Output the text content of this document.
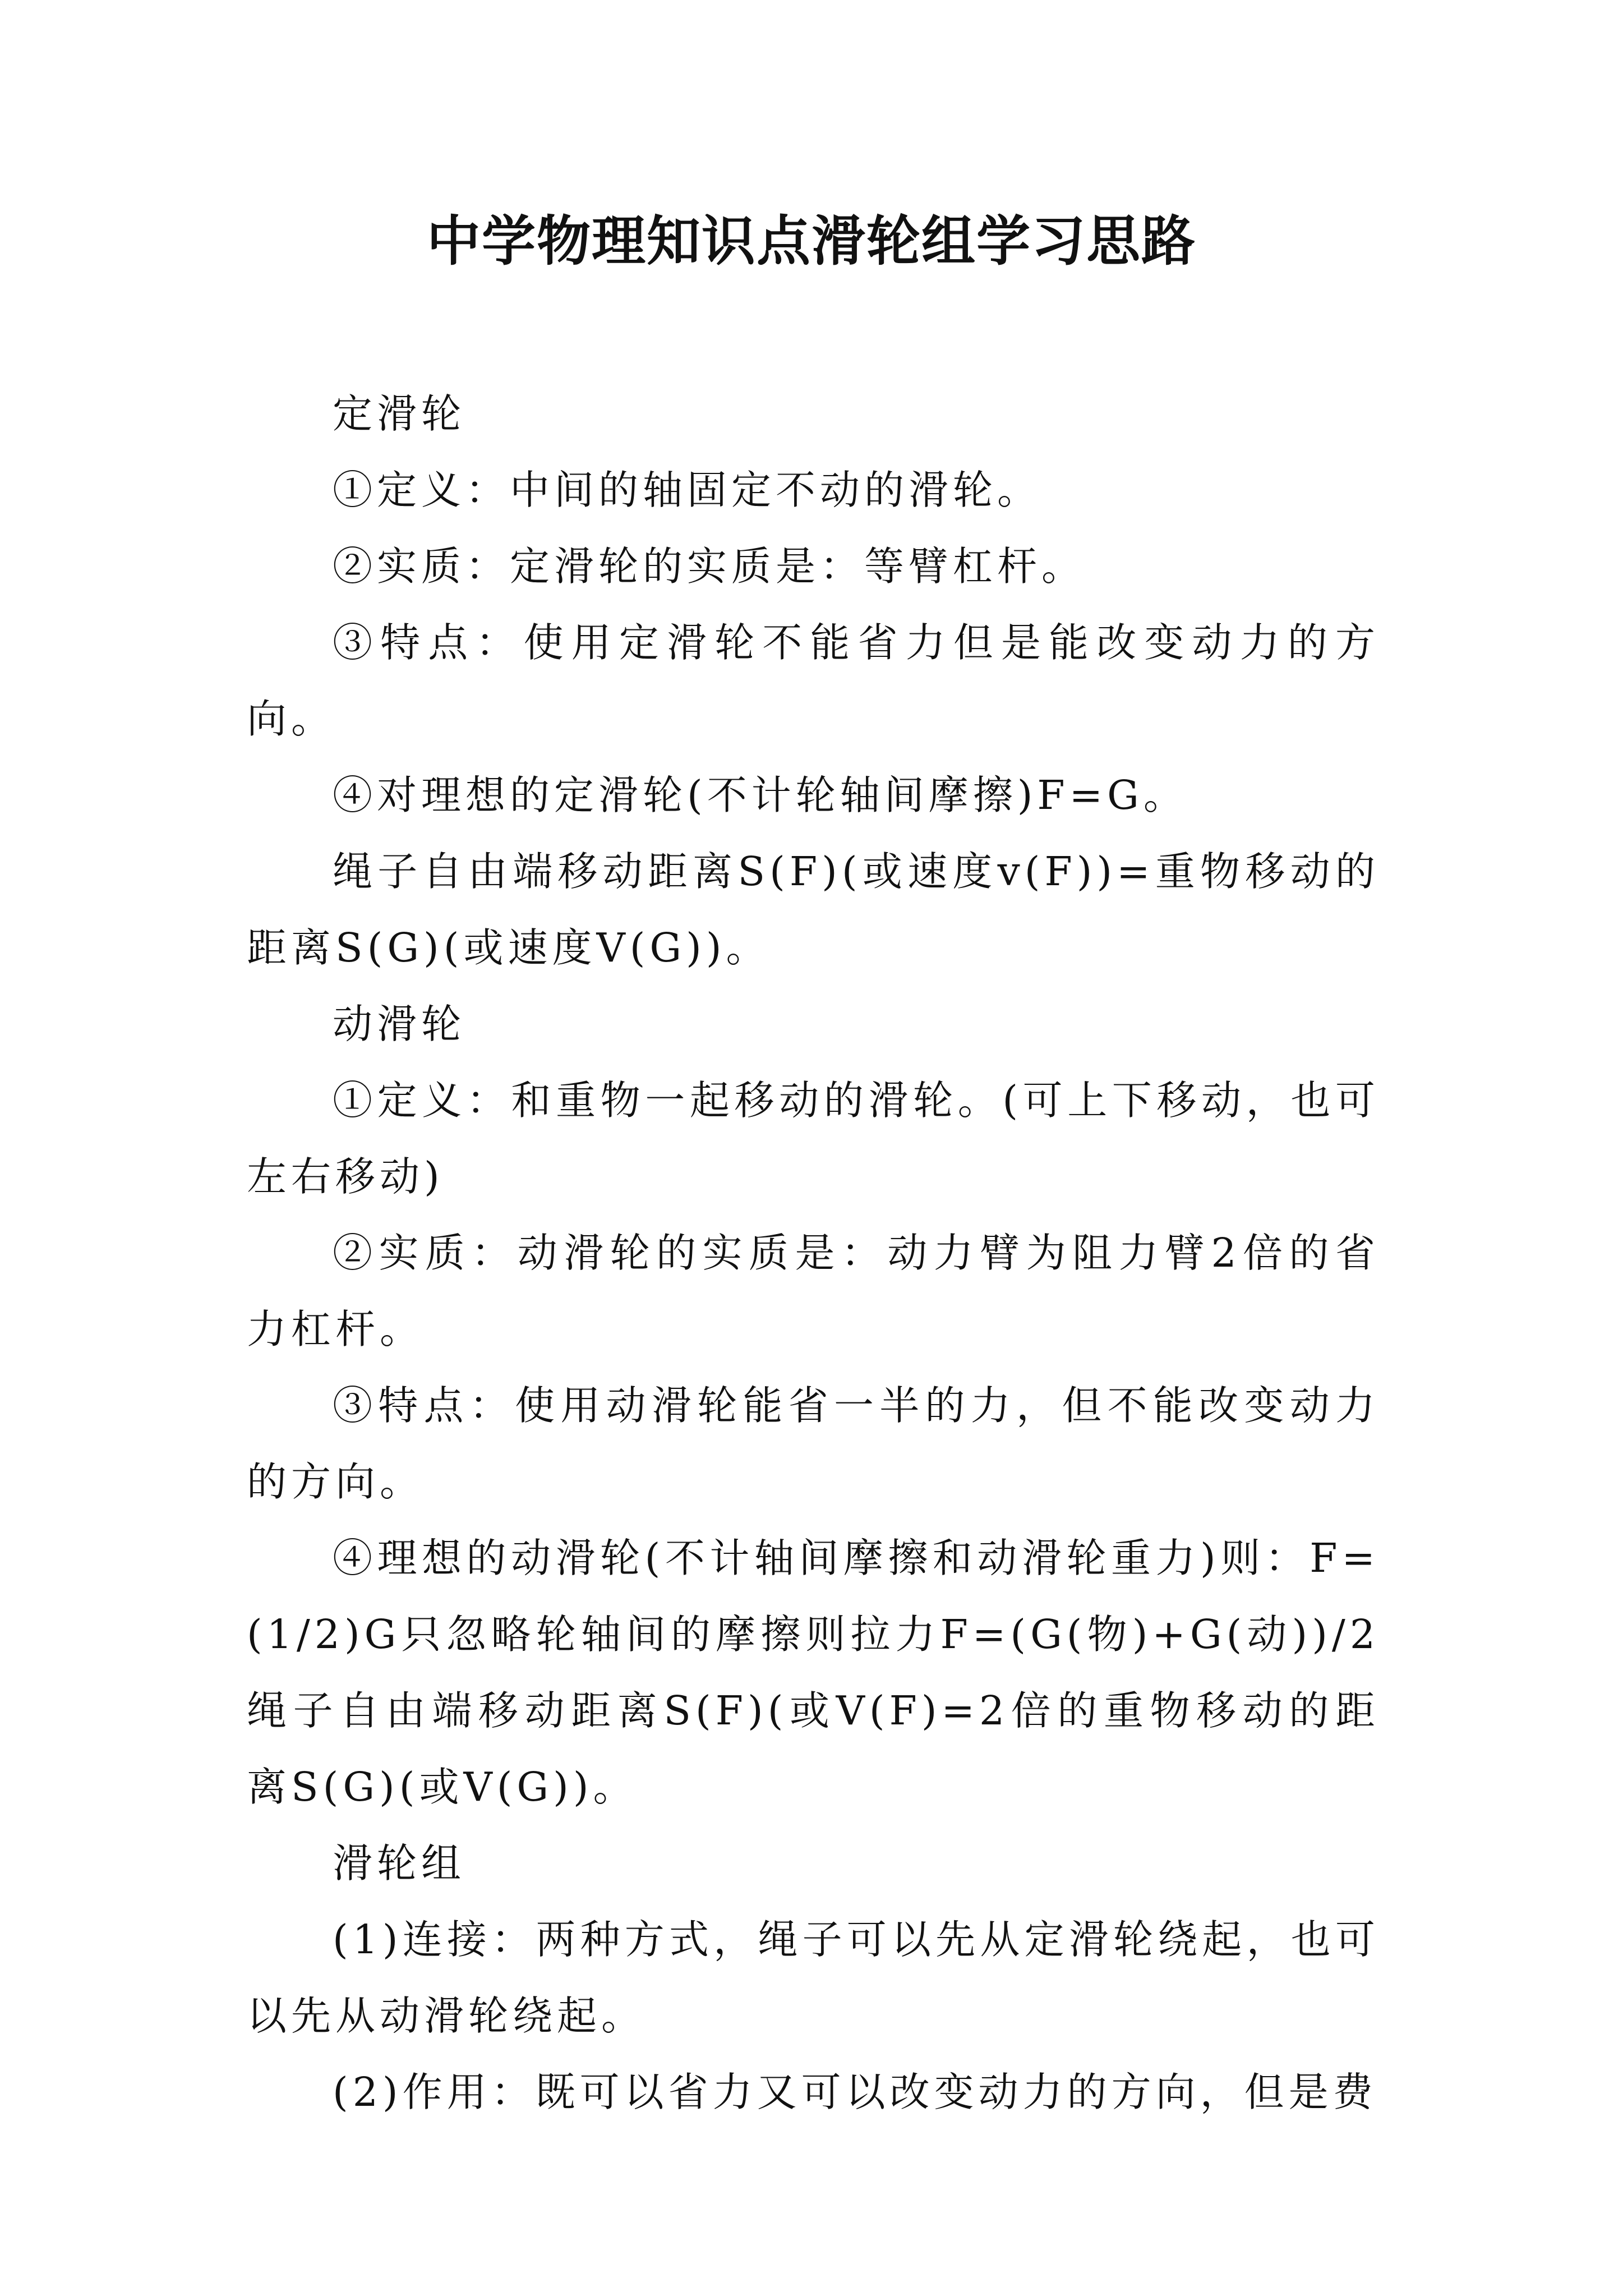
中学物理知识点滑轮组学习思路

定滑轮

①定义：中间的轴固定不动的滑轮。

②实质：定滑轮的实质是：等臂杠杆。

③特点：使用定滑轮不能省力但是能改变动力的方向。

④对理想的定滑轮(不计轮轴间摩擦)F=G。

绳子自由端移动距离S(F)(或速度v(F))=重物移动的距离S(G)(或速度V(G))。

动滑轮

①定义：和重物一起移动的滑轮。(可上下移动，也可左右移动)

②实质：动滑轮的实质是：动力臂为阻力臂2倍的省力杠杆。

③特点：使用动滑轮能省一半的力，但不能改变动力的方向。

④理想的动滑轮(不计轴间摩擦和动滑轮重力)则：F=(1/2)G只忽略轮轴间的摩擦则拉力F=(G(物)+G(动))/2绳子自由端移动距离S(F)(或V(F)=2倍的重物移动的距离S(G)(或V(G))。

滑轮组

(1)连接：两种方式，绳子可以先从定滑轮绕起，也可以先从动滑轮绕起。

(2)作用：既可以省力又可以改变动力的方向，但是费
